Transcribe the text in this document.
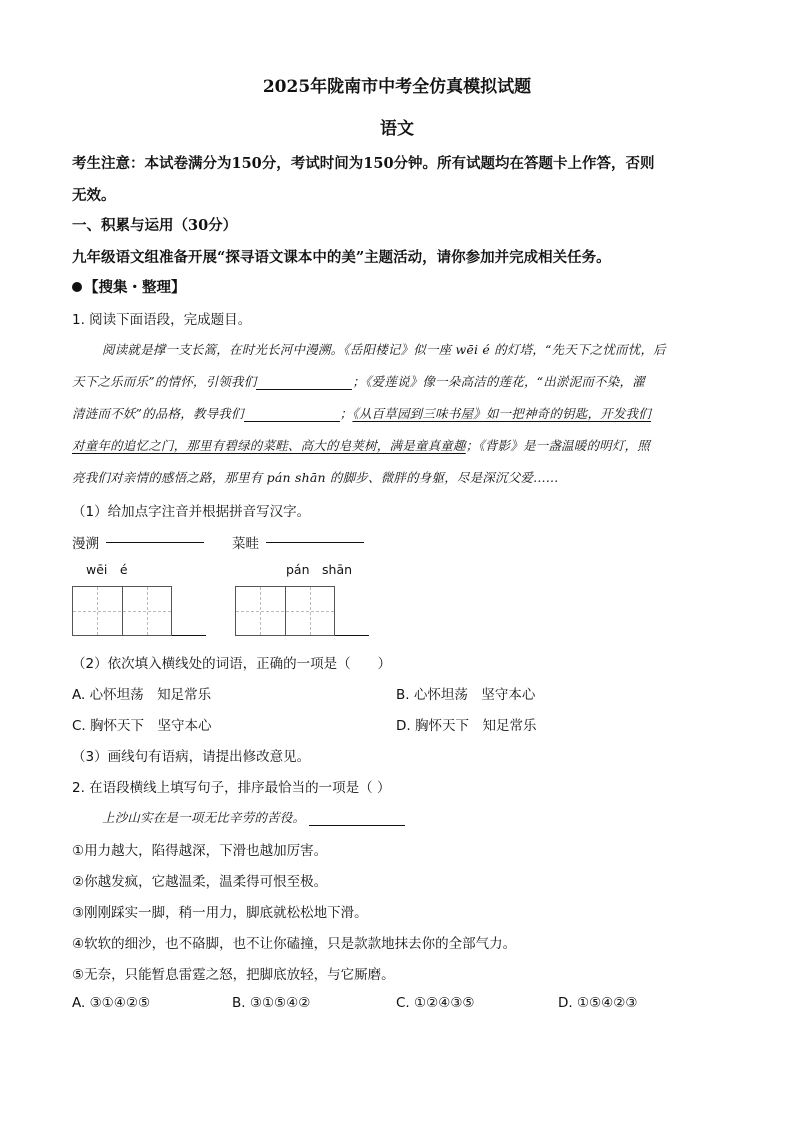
2025年陇南市中考全仿真模拟试题
语文
考生注意：本试卷满分为150分，考试时间为150分钟。所有试题均在答题卡上作答，否则
无效。
一、积累与运用（30分）
九年级语文组准备开展“探寻语文课本中的美”主题活动，请你参加并完成相关任务。
【搜集・整理】
1. 阅读下面语段，完成题目。
阅读就是撑一支长篙，在时光长河中漫溯。《岳阳楼记》似一座 wēi é 的灯塔，“先天下之忧而忧，后
天下之乐而乐”的情怀，引领我们	；《爱莲说》像一朵高洁的莲花，“出淤泥而不染，濯
清涟而不妖”的品格，教导我们	；《从百草园到三味书屋》如一把神奇的钥匙，开发我们
对童年的追忆之门，那里有碧绿的菜畦、高大的皂荚树，满是童真童趣；《背影》是一盏温暖的明灯，照
亮我们对亲情的感悟之路，那里有 pán shān 的脚步、微胖的身躯，尽是深沉父爱……
（1）给加点字注音并根据拼音写汉字。
漫溯	菜畦
wēi　é	pán　shān
（2）依次填入横线处的词语，正确的一项是（　　）
A. 心怀坦荡　知足常乐	B. 心怀坦荡　坚守本心
C. 胸怀天下　坚守本心	D. 胸怀天下　知足常乐
（3）画线句有语病，请提出修改意见。
2. 在语段横线上填写句子，排序最恰当的一项是（ ）
上沙山实在是一项无比辛劳的苦役。
①用力越大，陷得越深，下滑也越加厉害。
②你越发疯，它越温柔，温柔得可恨至极。
③刚刚踩实一脚，稍一用力，脚底就松松地下滑。
④软软的细沙，也不硌脚，也不让你磕撞，只是款款地抹去你的全部气力。
⑤无奈，只能暂息雷霆之怒，把脚底放轻，与它厮磨。
A. ③①④②⑤	B. ③①⑤④②	C. ①②④③⑤	D. ①⑤④②③
